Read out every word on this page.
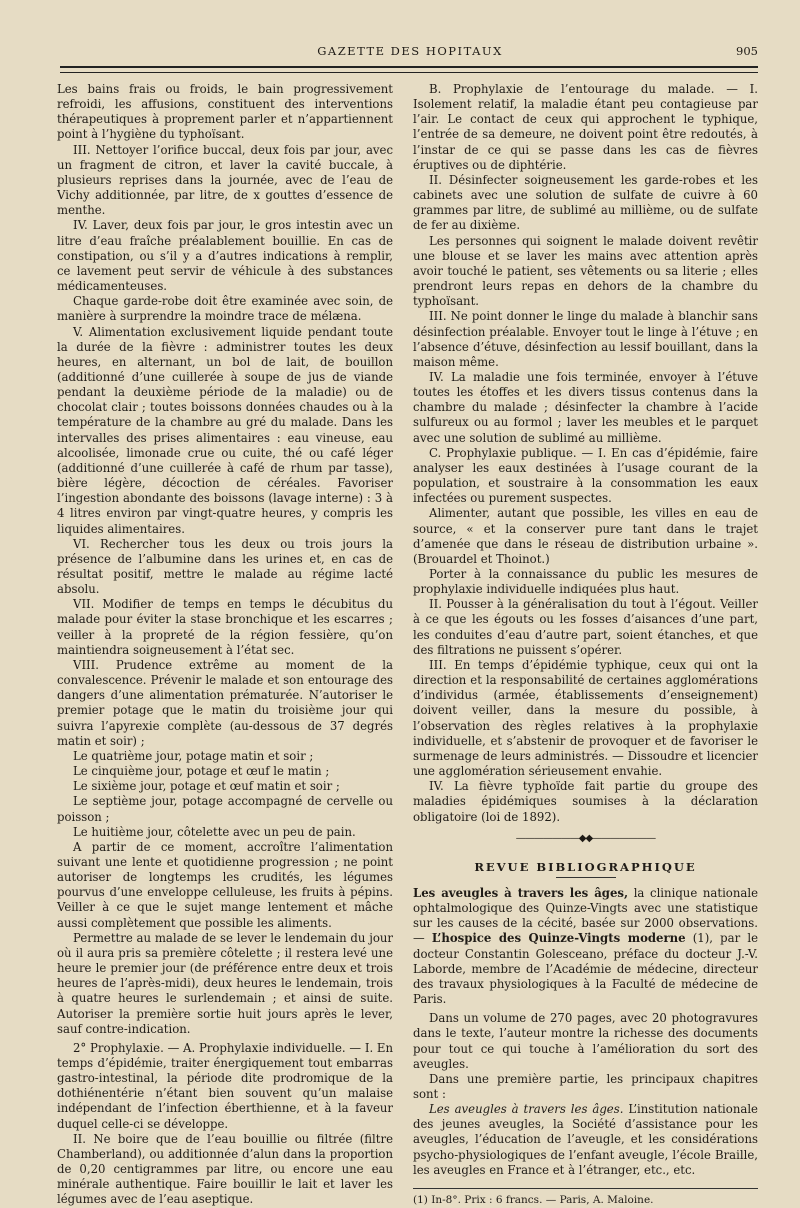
GAZETTE DES HOPITAUX	905

Les bains frais ou froids, le bain progressivement refroidi, les affusions, constituent des interventions thérapeutiques à proprement parler et n’appartiennent point à l’hygiène du typhoïsant.

III. Nettoyer l’orifice buccal, deux fois par jour, avec un fragment de citron, et laver la cavité buccale, à plusieurs reprises dans la journée, avec de l’eau de Vichy additionnée, par litre, de x gouttes d’essence de menthe.

IV. Laver, deux fois par jour, le gros intestin avec un litre d’eau fraîche préalablement bouillie. En cas de constipation, ou s’il y a d’autres indications à remplir, ce lavement peut servir de véhicule à des substances médicamenteuses.

Chaque garde-robe doit être examinée avec soin, de manière à surprendre la moindre trace de mélæna.

V. Alimentation exclusivement liquide pendant toute la durée de la fièvre : administrer toutes les deux heures, en alternant, un bol de lait, de bouillon (additionné d’une cuillerée à soupe de jus de viande pendant la deuxième période de la maladie) ou de chocolat clair ; toutes boissons données chaudes ou à la température de la chambre au gré du malade. Dans les intervalles des prises alimentaires : eau vineuse, eau alcoolisée, limonade crue ou cuite, thé ou café léger (additionné d’une cuillerée à café de rhum par tasse), bière légère, décoction de céréales. Favoriser l’ingestion abondante des boissons (lavage interne) : 3 à 4 litres environ par vingt-quatre heures, y compris les liquides alimentaires.

VI. Rechercher tous les deux ou trois jours la présence de l’albumine dans les urines et, en cas de résultat positif, mettre le malade au régime lacté absolu.

VII. Modifier de temps en temps le décubitus du malade pour éviter la stase bronchique et les escarres ; veiller à la propreté de la région fessière, qu’on maintiendra soigneusement à l’état sec.

VIII. Prudence extrême au moment de la convalescence. Prévenir le malade et son entourage des dangers d’une alimentation prématurée. N’autoriser le premier potage que le matin du troisième jour qui suivra l’apyrexie complète (au-dessous de 37 degrés matin et soir) ;

Le quatrième jour, potage matin et soir ;

Le cinquième jour, potage et œuf le matin ;

Le sixième jour, potage et œuf matin et soir ;

Le septième jour, potage accompagné de cervelle ou poisson ;

Le huitième jour, côtelette avec un peu de pain.

A partir de ce moment, accroître l’alimentation suivant une lente et quotidienne progression ; ne point autoriser de longtemps les crudités, les légumes pourvus d’une enveloppe celluleuse, les fruits à pépins. Veiller à ce que le sujet mange lentement et mâche aussi complètement que possible les aliments.

Permettre au malade de se lever le lendemain du jour où il aura pris sa première côtelette ; il restera levé une heure le premier jour (de préférence entre deux et trois heures de l’après-midi), deux heures le lendemain, trois à quatre heures le surlendemain ; et ainsi de suite. Autoriser la première sortie huit jours après le lever, sauf contre-indication.

2° Prophylaxie. — A. Prophylaxie individuelle. — I. En temps d’épidémie, traiter énergiquement tout embarras gastro-intestinal, la période dite prodromique de la dothiénentérie n’étant bien souvent qu’un malaise indépendant de l’infection éberthienne, et à la faveur duquel celle-ci se développe.

II. Ne boire que de l’eau bouillie ou filtrée (filtre Chamberland), ou additionnée d’alun dans la proportion de 0,20 centigrammes par litre, ou encore une eau minérale authentique. Faire bouillir le lait et laver les légumes avec de l’eau aseptique.

B. Prophylaxie de l’entourage du malade. — I. Isolement relatif, la maladie étant peu contagieuse par l’air. Le contact de ceux qui approchent le typhique, l’entrée de sa demeure, ne doivent point être redoutés, à l’instar de ce qui se passe dans les cas de fièvres éruptives ou de diphtérie.

II. Désinfecter soigneusement les garde-robes et les cabinets avec une solution de sulfate de cuivre à 60 grammes par litre, de sublimé au millième, ou de sulfate de fer au dixième.

Les personnes qui soignent le malade doivent revêtir une blouse et se laver les mains avec attention après avoir touché le patient, ses vêtements ou sa literie ; elles prendront leurs repas en dehors de la chambre du typhoïsant.

III. Ne point donner le linge du malade à blanchir sans désinfection préalable. Envoyer tout le linge à l’étuve ; en l’absence d’étuve, désinfection au lessif bouillant, dans la maison même.

IV. La maladie une fois terminée, envoyer à l’étuve toutes les étoffes et les divers tissus contenus dans la chambre du malade ; désinfecter la chambre à l’acide sulfureux ou au formol ; laver les meubles et le parquet avec une solution de sublimé au millième.

C. Prophylaxie publique. — I. En cas d’épidémie, faire analyser les eaux destinées à l’usage courant de la population, et soustraire à la consommation les eaux infectées ou purement suspectes.

Alimenter, autant que possible, les villes en eau de source, « et la conserver pure tant dans le trajet d’amenée que dans le réseau de distribution urbaine ». (Brouardel et Thoinot.)

Porter à la connaissance du public les mesures de prophylaxie individuelle indiquées plus haut.

II. Pousser à la généralisation du tout à l’égout. Veiller à ce que les égouts ou les fosses d’aisances d’une part, les conduites d’eau d’autre part, soient étanches, et que des filtrations ne puissent s’opérer.

III. En temps d’épidémie typhique, ceux qui ont la direction et la responsabilité de certaines agglomérations d’individus (armée, établissements d’enseignement) doivent veiller, dans la mesure du possible, à l’observation des règles relatives à la prophylaxie individuelle, et s’abstenir de provoquer et de favoriser le surmenage de leurs administrés. — Dissoudre et licencier une agglomération sérieusement envahie.

IV. La fièvre typhoïde fait partie du groupe des maladies épidémiques soumises à la déclaration obligatoire (loi de 1892).

———————◆◆———————
REVUE BIBLIOGRAPHIQUE

Les aveugles à travers les âges, la clinique nationale ophtalmologique des Quinze-Vingts avec une statistique sur les causes de la cécité, basée sur 2000 observations. — L’hospice des Quinze-Vingts moderne (1), par le docteur Constantin Golesceano, préface du docteur J.-V. Laborde, membre de l’Académie de médecine, directeur des travaux physiologiques à la Faculté de médecine de Paris.

Dans un volume de 270 pages, avec 20 photogravures dans le texte, l’auteur montre la richesse des documents pour tout ce qui touche à l’amélioration du sort des aveugles.

Dans une première partie, les principaux chapitres sont :

Les aveugles à travers les âges. L’institution nationale des jeunes aveugles, la Société d’assistance pour les aveugles, l’éducation de l’aveugle, et les considérations psycho-physiologiques de l’enfant aveugle, l’école Braille, les aveugles en France et à l’étranger, etc., etc.

(1) In-8°. Prix : 6 francs. — Paris, A. Maloine.
